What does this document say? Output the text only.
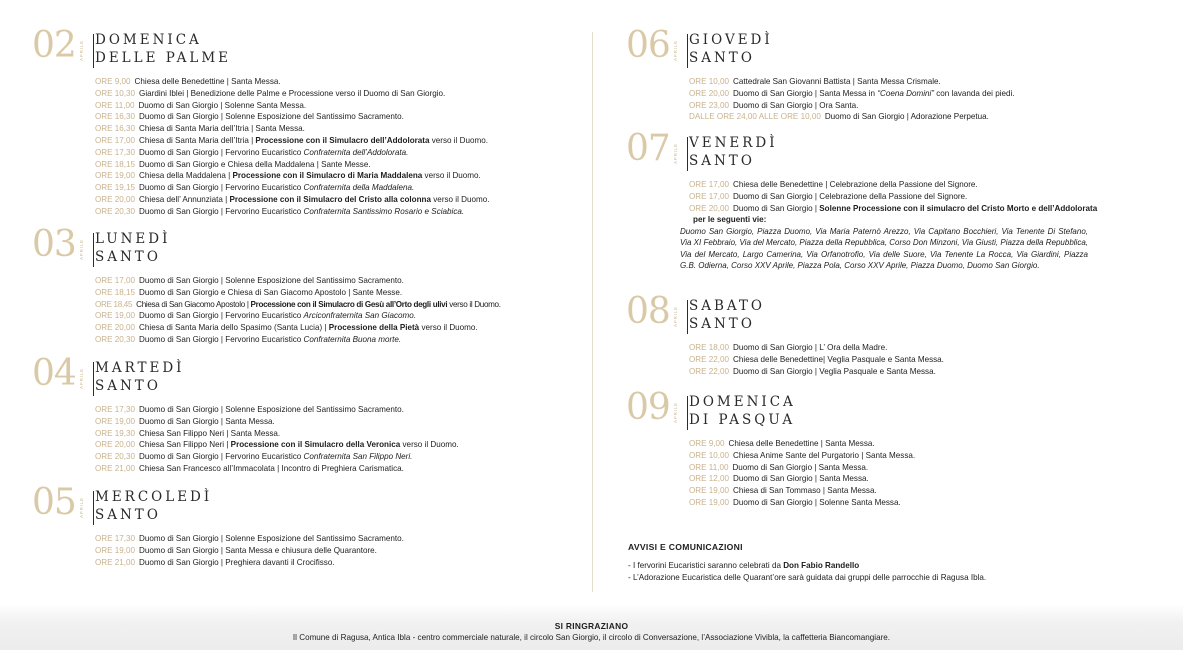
02 APRILE
DOMENICA
DELLE PALME
ORE 9,00 Chiesa delle Benedettine | Santa Messa.
ORE 10,30 Giardini Iblei | Benedizione delle Palme e Processione verso il Duomo di San Giorgio.
ORE 11,00 Duomo di San Giorgio | Solenne Santa Messa.
ORE 16,30 Duomo di San Giorgio | Solenne Esposizione del Santissimo Sacramento.
ORE 16,30 Chiesa di Santa Maria dell’Itria | Santa Messa.
ORE 17,00 Chiesa di Santa Maria dell’Itria | Processione con il Simulacro dell’Addolorata verso il Duomo.
ORE 17,30 Duomo di San Giorgio | Fervorino Eucaristico Confraternita dell’Addolorata.
ORE 18,15 Duomo di San Giorgio e Chiesa della Maddalena | Sante Messe.
ORE 19,00 Chiesa della Maddalena | Processione con il Simulacro di Maria Maddalena verso il Duomo.
ORE 19,15 Duomo di San Giorgio | Fervorino Eucaristico Confraternita della Maddalena.
ORE 20,00 Chiesa dell’ Annunziata | Processione con il Simulacro del Cristo alla colonna verso il Duomo.
ORE 20,30 Duomo di San Giorgio | Fervorino Eucaristico Confraternita Santissimo Rosario e Sciabica.
03 APRILE
LUNEDÌ
SANTO
ORE 17,00 Duomo di San Giorgio | Solenne Esposizione del Santissimo Sacramento.
ORE 18,15 Duomo di San Giorgio e Chiesa di San Giacomo Apostolo | Sante Messe.
ORE 18,45 Chiesa di San Giacomo Apostolo | Processione con il Simulacro di Gesù all’Orto degli ulivi verso il Duomo.
ORE 19,00 Duomo di San Giorgio | Fervorino Eucaristico Arciconfraternita San Giacomo.
ORE 20,00 Chiesa di Santa Maria dello Spasimo (Santa Lucia) | Processione della Pietà verso il Duomo.
ORE 20,30 Duomo di San Giorgio | Fervorino Eucaristico Confraternita Buona morte.
04 APRILE
MARTEDÌ
SANTO
ORE 17,30 Duomo di San Giorgio | Solenne Esposizione del Santissimo Sacramento.
ORE 19,00 Duomo di San Giorgio | Santa Messa.
ORE 19,30 Chiesa San Filippo Neri | Santa Messa.
ORE 20,00 Chiesa San Filippo Neri | Processione con il Simulacro della Veronica verso il Duomo.
ORE 20,30 Duomo di San Giorgio | Fervorino Eucaristico Confraternita San Filippo Neri.
ORE 21,00 Chiesa San Francesco all’Immacolata | Incontro di Preghiera Carismatica.
05 APRILE
MERCOLEDÌ
SANTO
ORE 17,30 Duomo di San Giorgio | Solenne Esposizione del Santissimo Sacramento.
ORE 19,00 Duomo di San Giorgio | Santa Messa e chiusura delle Quarantore.
ORE 21,00 Duomo di San Giorgio | Preghiera davanti il Crocifisso.
06 APRILE
GIOVEDÌ
SANTO
ORE 10,00 Cattedrale San Giovanni Battista | Santa Messa Crismale.
ORE 20,00 Duomo di San Giorgio | Santa Messa in “Coena Domini” con lavanda dei piedi.
ORE 23,00 Duomo di San Giorgio | Ora Santa.
DALLE ORE 24,00 ALLE ORE 10,00 Duomo di San Giorgio | Adorazione Perpetua.
07 APRILE
VENERDÌ
SANTO
ORE 17,00 Chiesa delle Benedettine | Celebrazione della Passione del Signore.
ORE 17,00 Duomo di San Giorgio | Celebrazione della Passione del Signore.
ORE 20,00 Duomo di San Giorgio | Solenne Processione con il simulacro del Cristo Morto e dell’Addolorata
per le seguenti vie:
Duomo San Giorgio, Piazza Duomo, Via Maria Paternò Arezzo, Via Capitano Bocchieri, Via Tenente Di Stefano, Via XI Febbraio, Via del Mercato, Piazza della Repubblica, Corso Don Minzoni, Via Giusti, Piazza della Repubblica, Via del Mercato, Largo Camerina, Via Orfanotrofio, Via delle Suore, Via Tenente La Rocca, Via Giardini, Piazza G.B. Odierna, Corso XXV Aprile, Piazza Pola, Corso XXV Aprile, Piazza Duomo, Duomo San Giorgio.
08 APRILE
SABATO
SANTO
ORE 18,00 Duomo di San Giorgio | L’ Ora della Madre.
ORE 22,00 Chiesa delle Benedettine| Veglia Pasquale e Santa Messa.
ORE 22,00 Duomo di San Giorgio | Veglia Pasquale e Santa Messa.
09 APRILE
DOMENICA
DI PASQUA
ORE 9,00 Chiesa delle Benedettine | Santa Messa.
ORE 10,00 Chiesa Anime Sante del Purgatorio | Santa Messa.
ORE 11,00 Duomo di San Giorgio | Santa Messa.
ORE 12,00 Duomo di San Giorgio | Santa Messa.
ORE 19,00 Chiesa di San Tommaso | Santa Messa.
ORE 19,00 Duomo di San Giorgio | Solenne Santa Messa.
AVVISI E COMUNICAZIONI
- I fervorini Eucaristici saranno celebrati da Don Fabio Randello
- L’Adorazione Eucaristica delle Quarant’ore sarà guidata dai gruppi delle parrocchie di Ragusa Ibla.
SI RINGRAZIANO
Il Comune di Ragusa, Antica Ibla - centro commerciale naturale, il circolo San Giorgio, il circolo di Conversazione, l’Associazione Vivibla, la caffetteria Biancomangiare.
